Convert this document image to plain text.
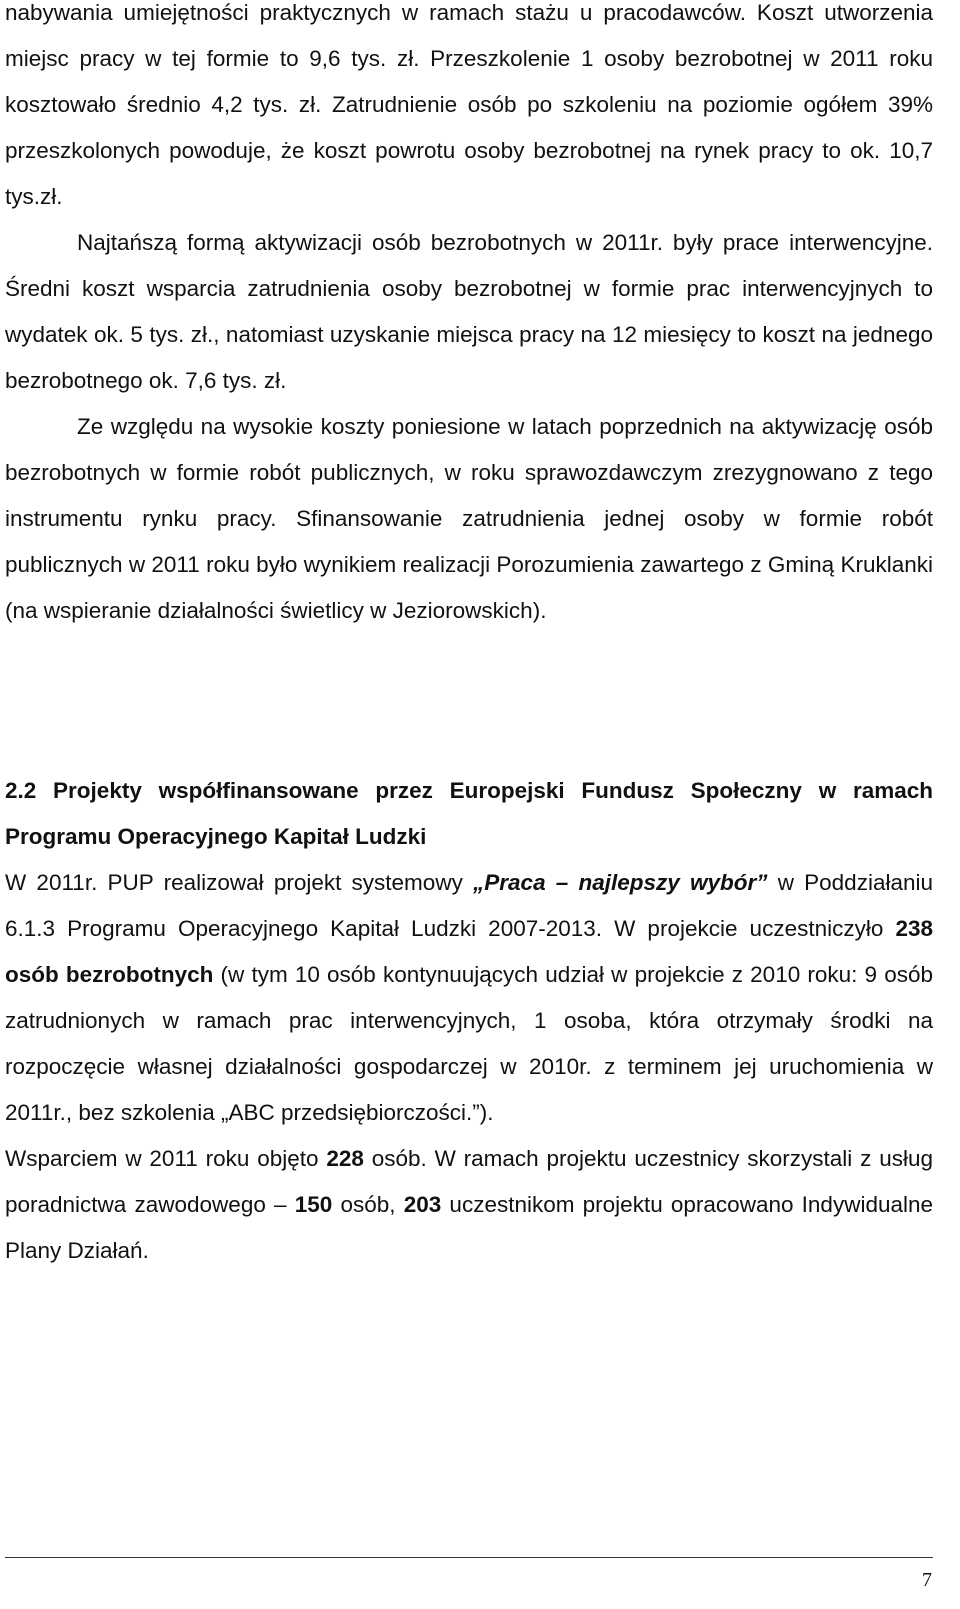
nabywania umiejętności praktycznych w ramach stażu u pracodawców. Koszt utworzenia miejsc pracy w tej formie to 9,6 tys. zł. Przeszkolenie 1 osoby bezrobotnej w 2011 roku kosztowało średnio 4,2 tys. zł. Zatrudnienie osób po szkoleniu na poziomie ogółem 39% przeszkolonych powoduje, że koszt powrotu osoby bezrobotnej na rynek pracy to ok. 10,7 tys.zł.

Najtańszą formą aktywizacji osób bezrobotnych w 2011r. były prace interwencyjne. Średni koszt wsparcia zatrudnienia osoby bezrobotnej w formie prac interwencyjnych to wydatek ok. 5 tys. zł., natomiast uzyskanie miejsca pracy na 12 miesięcy to koszt na jednego bezrobotnego ok. 7,6 tys. zł.

Ze względu na wysokie koszty poniesione w latach poprzednich na aktywizację osób bezrobotnych w formie robót publicznych, w roku sprawozdawczym zrezygnowano z tego instrumentu rynku pracy. Sfinansowanie zatrudnienia jednej osoby w formie robót publicznych w 2011 roku było wynikiem realizacji Porozumienia zawartego z Gminą Kruklanki (na wspieranie działalności świetlicy w Jeziorowskich).

2.2 Projekty współfinansowane przez Europejski Fundusz Społeczny w ramach Programu Operacyjnego Kapitał Ludzki

W 2011r. PUP realizował projekt systemowy „Praca – najlepszy wybór” w Poddziałaniu 6.1.3 Programu Operacyjnego Kapitał Ludzki 2007-2013. W projekcie uczestniczyło 238 osób bezrobotnych (w tym 10 osób kontynuujących udział w projekcie z 2010 roku: 9 osób zatrudnionych w ramach prac interwencyjnych, 1 osoba, która otrzymały środki na rozpoczęcie własnej działalności gospodarczej w 2010r. z terminem jej uruchomienia w 2011r., bez szkolenia „ABC przedsiębiorczości.”).

Wsparciem w 2011 roku objęto 228 osób. W ramach projektu uczestnicy skorzystali z usług poradnictwa zawodowego – 150 osób, 203 uczestnikom projektu opracowano Indywidualne Plany Działań.

7
